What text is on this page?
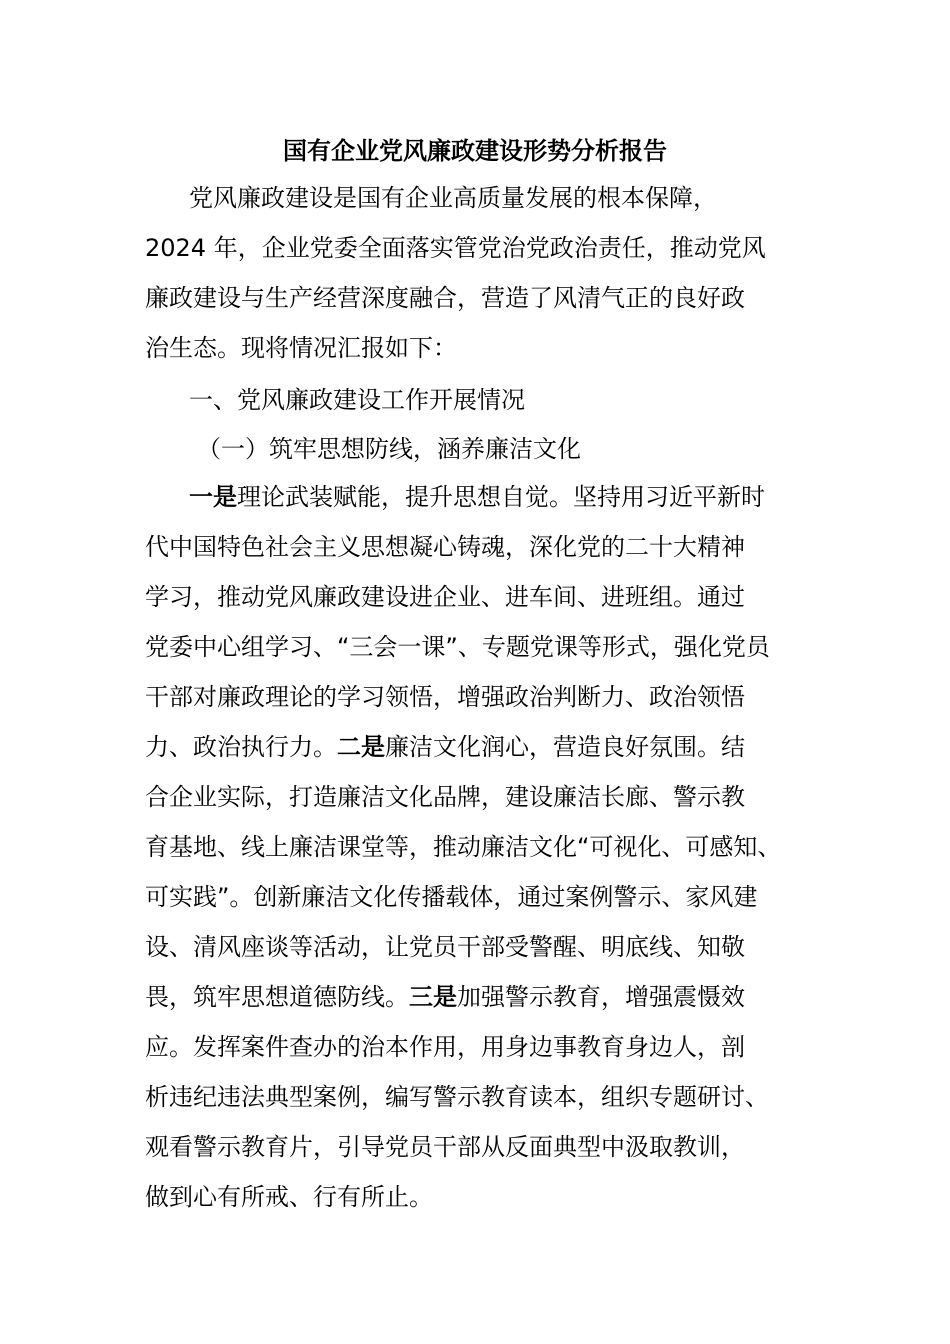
国有企业党风廉政建设形势分析报告
党风廉政建设是国有企业高质量发展的根本保障，
2024 年，企业党委全面落实管党治党政治责任，推动党风
廉政建设与生产经营深度融合，营造了风清气正的良好政
治生态。现将情况汇报如下：
一、党风廉政建设工作开展情况
（一）筑牢思想防线，涵养廉洁文化
一是理论武装赋能，提升思想自觉。坚持用习近平新时
代中国特色社会主义思想凝心铸魂，深化党的二十大精神
学习，推动党风廉政建设进企业、进车间、进班组。通过
党委中心组学习、“三会一课”、专题党课等形式，强化党员
干部对廉政理论的学习领悟，增强政治判断力、政治领悟
力、政治执行力。二是廉洁文化润心，营造良好氛围。结
合企业实际，打造廉洁文化品牌，建设廉洁长廊、警示教
育基地、线上廉洁课堂等，推动廉洁文化“可视化、可感知、
可实践”。创新廉洁文化传播载体，通过案例警示、家风建
设、清风座谈等活动，让党员干部受警醒、明底线、知敬
畏，筑牢思想道德防线。三是加强警示教育，增强震慑效
应。发挥案件查办的治本作用，用身边事教育身边人，剖
析违纪违法典型案例，编写警示教育读本，组织专题研讨、
观看警示教育片，引导党员干部从反面典型中汲取教训，
做到心有所戒、行有所止。
